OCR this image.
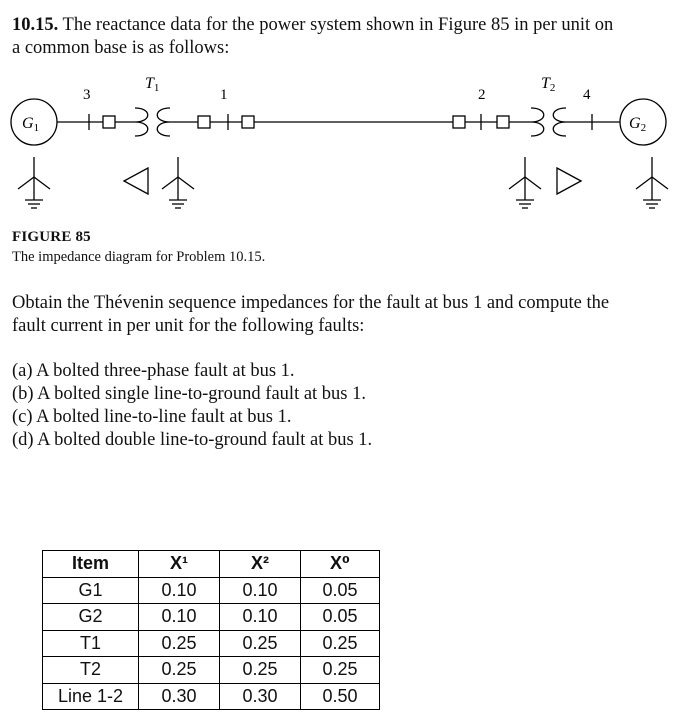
10.15. The reactance data for the power system shown in Figure 85 in per unit on
a common base is as follows:
G1	G2
T1	T2
3	1	2	4
FIGURE 85
The impedance diagram for Problem 10.15.
Obtain the Thévenin sequence impedances for the fault at bus 1 and compute the
fault current in per unit for the following faults:
(a) A bolted three-phase fault at bus 1.
(b) A bolted single line-to-ground fault at bus 1.
(c) A bolted line-to-line fault at bus 1.
(d) A bolted double line-to-ground fault at bus 1.
Item	X¹	X²	X⁰
G1	0.10	0.10	0.05
G2	0.10	0.10	0.05
T1	0.25	0.25	0.25
T2	0.25	0.25	0.25
Line 1-2	0.30	0.30	0.50
